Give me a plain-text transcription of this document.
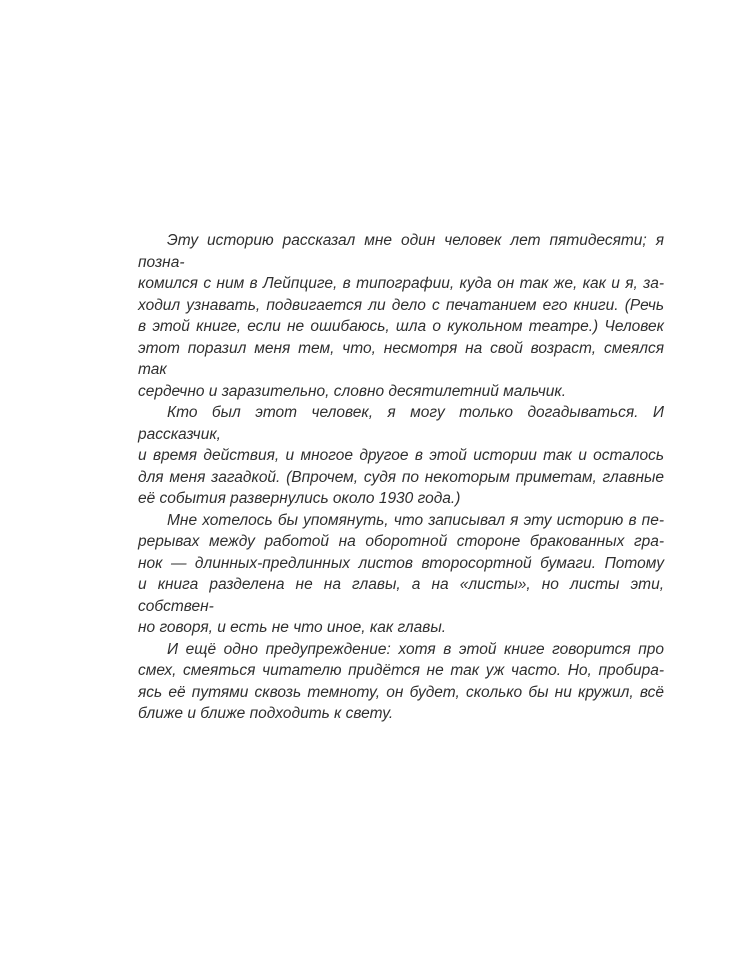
Эту историю рассказал мне один человек лет пятидесяти; я позна-
комился с ним в Лейпциге, в типографии, куда он так же, как и я, за-
ходил узнавать, подвигается ли дело с печатанием его книги. (Речь
в этой книге, если не ошибаюсь, шла о кукольном театре.) Человек
этот поразил меня тем, что, несмотря на свой возраст, смеялся так
сердечно и заразительно, словно десятилетний мальчик.
Кто был этот человек, я могу только догадываться. И рассказчик,
и время действия, и многое другое в этой истории так и осталось
для меня загадкой. (Впрочем, судя по некоторым приметам, главные
её события развернулись около 1930 года.)
Мне хотелось бы упомянуть, что записывал я эту историю в пе-
рерывах между работой на оборотной стороне бракованных гра-
нок — длинных-предлинных листов второсортной бумаги. Потому
и книга разделена не на главы, а на «листы», но листы эти, собствен-
но говоря, и есть не что иное, как главы.
И ещё одно предупреждение: хотя в этой книге говорится про
смех, смеяться читателю придётся не так уж часто. Но, пробира-
ясь её путями сквозь темноту, он будет, сколько бы ни кружил, всё
ближе и ближе подходить к свету.
